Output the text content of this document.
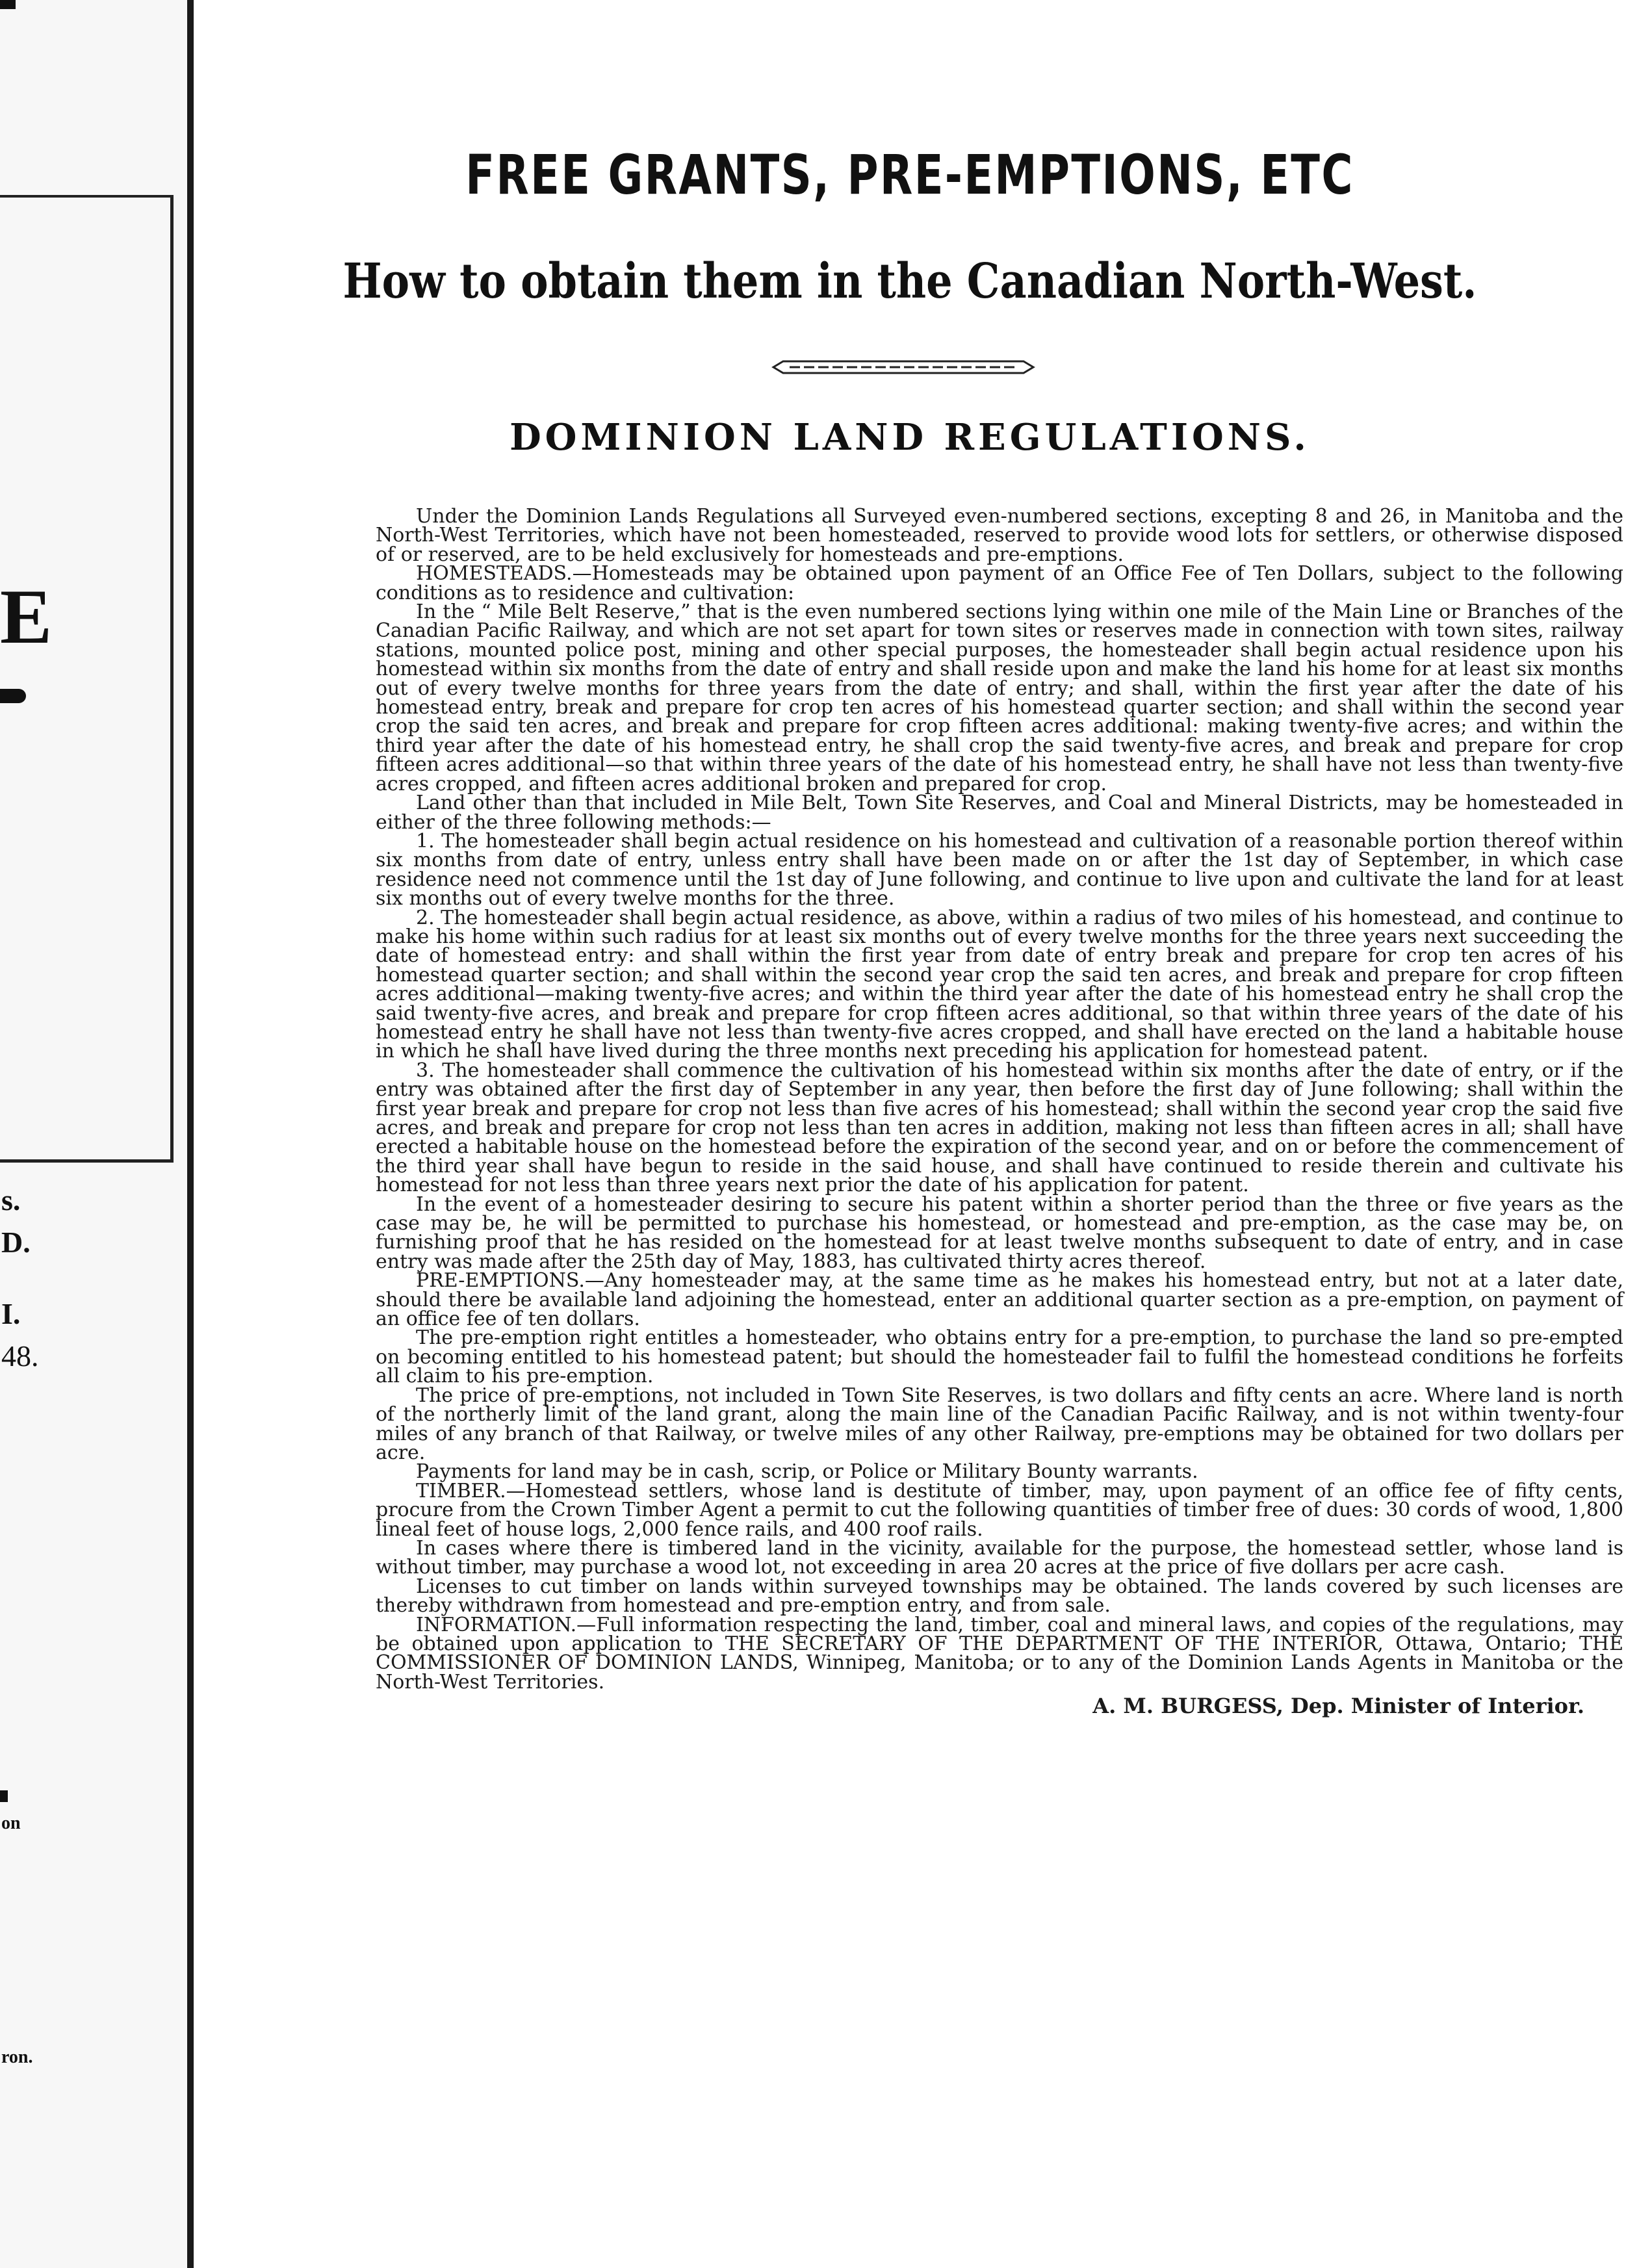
E
s.
D.
I.
48.
on
ron.
FREE GRANTS, PRE-EMPTIONS, ETC
How to obtain them in the Canadian North-West.
DOMINION LAND REGULATIONS.

Under the Dominion Lands Regulations all Surveyed even-numbered sections, excepting 8 and 26, in Manitoba and the North-West Territories, which have not been homesteaded, reserved to provide wood lots for settlers, or otherwise disposed of or reserved, are to be held exclusively for homesteads and pre-emptions.

HOMESTEADS.—Homesteads may be obtained upon payment of an Office Fee of Ten Dollars, subject to the following conditions as to residence and cultivation:

In the “ Mile Belt Reserve,” that is the even numbered sections lying within one mile of the Main Line or Branches of the Canadian Pacific Railway, and which are not set apart for town sites or reserves made in connection with town sites, railway stations, mounted police post, mining and other special purposes, the homesteader shall begin actual residence upon his homestead within six months from the date of entry and shall reside upon and make the land his home for at least six months out of every twelve months for three years from the date of entry; and shall, within the first year after the date of his homestead entry, break and prepare for crop ten acres of his homestead quarter section; and shall within the second year crop the said ten acres, and break and prepare for crop fifteen acres additional: making twenty-five acres; and within the third year after the date of his homestead entry, he shall crop the said twenty-five acres, and break and prepare for crop fifteen acres additional—so that within three years of the date of his homestead entry, he shall have not less than twenty-five acres cropped, and fifteen acres additional broken and prepared for crop.

Land other than that included in Mile Belt, Town Site Reserves, and Coal and Mineral Districts, may be homesteaded in either of the three following methods:—

1. The homesteader shall begin actual residence on his homestead and cultivation of a reasonable portion thereof within six months from date of entry, unless entry shall have been made on or after the 1st day of September, in which case residence need not commence until the 1st day of June following, and continue to live upon and cultivate the land for at least six months out of every twelve months for the three.

2. The homesteader shall begin actual residence, as above, within a radius of two miles of his homestead, and continue to make his home within such radius for at least six months out of every twelve months for the three years next succeeding the date of homestead entry: and shall within the first year from date of entry break and prepare for crop ten acres of his homestead quarter section; and shall within the second year crop the said ten acres, and break and prepare for crop fifteen acres additional—making twenty-five acres; and within the third year after the date of his homestead entry he shall crop the said twenty-five acres, and break and prepare for crop fifteen acres additional, so that within three years of the date of his homestead entry he shall have not less than twenty-five acres cropped, and shall have erected on the land a habitable house in which he shall have lived during the three months next preceding his application for homestead patent.

3. The homesteader shall commence the cultivation of his homestead within six months after the date of entry, or if the entry was obtained after the first day of September in any year, then before the first day of June following; shall within the first year break and prepare for crop not less than five acres of his homestead; shall within the second year crop the said five acres, and break and prepare for crop not less than ten acres in addition, making not less than fifteen acres in all; shall have erected a habitable house on the homestead before the expiration of the second year, and on or before the commencement of the third year shall have begun to reside in the said house, and shall have continued to reside therein and cultivate his homestead for not less than three years next prior the date of his application for patent.

In the event of a homesteader desiring to secure his patent within a shorter period than the three or five years as the case may be, he will be permitted to purchase his homestead, or homestead and pre-emption, as the case may be, on furnishing proof that he has resided on the homestead for at least twelve months subsequent to date of entry, and in case entry was made after the 25th day of May, 1883, has cultivated thirty acres thereof.

PRE-EMPTIONS.—Any homesteader may, at the same time as he makes his homestead entry, but not at a later date, should there be available land adjoining the homestead, enter an additional quarter section as a pre-emption, on payment of an office fee of ten dollars.

The pre-emption right entitles a homesteader, who obtains entry for a pre-emption, to purchase the land so pre-empted on becoming entitled to his homestead patent; but should the homesteader fail to fulfil the homestead conditions he forfeits all claim to his pre-emption.

The price of pre-emptions, not included in Town Site Reserves, is two dollars and fifty cents an acre. Where land is north of the northerly limit of the land grant, along the main line of the Canadian Pacific Railway, and is not within twenty-four miles of any branch of that Railway, or twelve miles of any other Railway, pre-emptions may be obtained for two dollars per acre.

Payments for land may be in cash, scrip, or Police or Military Bounty warrants.

TIMBER.—Homestead settlers, whose land is destitute of timber, may, upon payment of an office fee of fifty cents, procure from the Crown Timber Agent a permit to cut the following quantities of timber free of dues: 30 cords of wood, 1,800 lineal feet of house logs, 2,000 fence rails, and 400 roof rails.

In cases where there is timbered land in the vicinity, available for the purpose, the homestead settler, whose land is without timber, may purchase a wood lot, not exceeding in area 20 acres at the price of five dollars per acre cash.

Licenses to cut timber on lands within surveyed townships may be obtained. The lands covered by such licenses are thereby withdrawn from homestead and pre-emption entry, and from sale.

INFORMATION.—Full information respecting the land, timber, coal and mineral laws, and copies of the regulations, may be obtained upon application to THE SECRETARY OF THE DEPARTMENT OF THE INTERIOR, Ottawa, Ontario; THE COMMISSIONER OF DOMINION LANDS, Winnipeg, Manitoba; or to any of the Dominion Lands Agents in Manitoba or the North-West Territories.

A. M. BURGESS, Dep. Minister of Interior.
